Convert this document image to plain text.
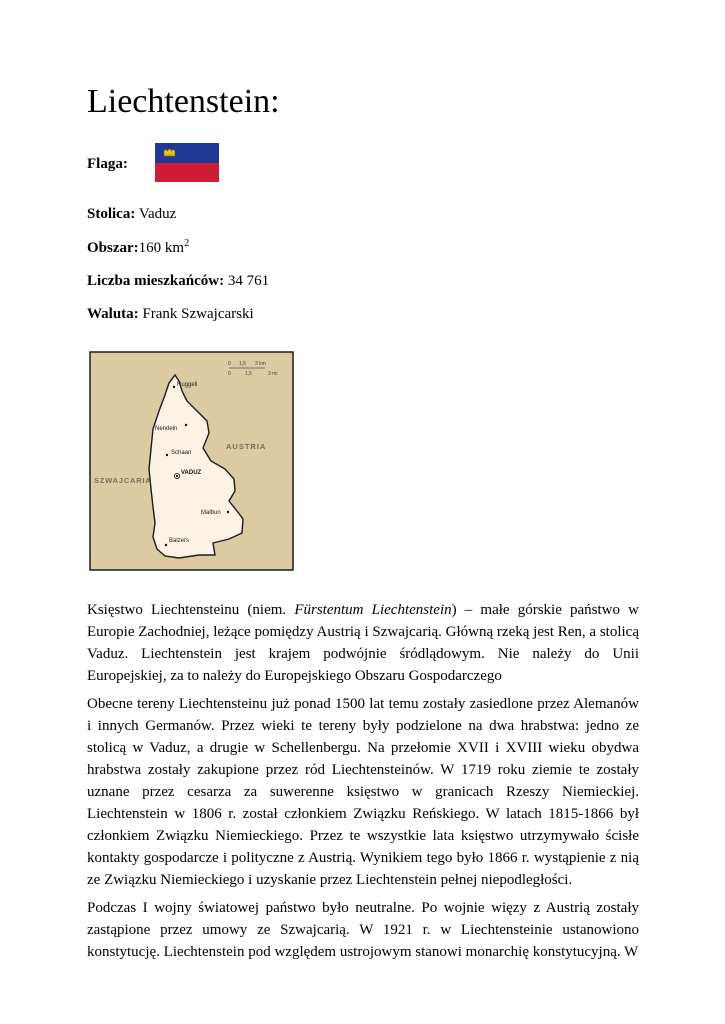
Liechtenstein:
Flaga:
Stolica: Vaduz
Obszar:160 $km^2$
Liczba mieszkańców: 34 761
Waluta: Frank Szwajcarski
0 1,5 3 km
0	1,5	3 mi
Ruggell
Nendeln
Schaan
VADUZ
Malbun
Balzers
AUSTRIA
SZWAJCARIA

Księstwo Liechtensteinu (niem. Fürstentum Liechtenstein) – małe górskie państwo w Europie Zachodniej, leżące pomiędzy Austrią i Szwajcarią. Główną rzeką jest Ren, a stolicą Vaduz. Liechtenstein jest krajem podwójnie śródlądowym. Nie należy do Unii Europejskiej, za to należy do Europejskiego Obszaru Gospodarczego

Obecne tereny Liechtensteinu już ponad 1500 lat temu zostały zasiedlone przez Alemanów i innych Germanów. Przez wieki te tereny były podzielone na dwa hrabstwa: jedno ze stolicą w Vaduz, a drugie w Schellenbergu. Na przełomie XVII i XVIII wieku obydwa hrabstwa zostały zakupione przez ród Liechtensteinów. W 1719 roku ziemie te zostały uznane przez cesarza za suwerenne księstwo w granicach Rzeszy Niemieckiej. Liechtenstein w 1806 r. został członkiem Związku Reńskiego. W latach 1815-1866 był członkiem Związku Niemieckiego. Przez te wszystkie lata księstwo utrzymywało ścisłe kontakty gospodarcze i polityczne z Austrią. Wynikiem tego było 1866 r. wystąpienie z nią ze Związku Niemieckiego i uzyskanie przez Liechtenstein pełnej niepodległości.

Podczas I wojny światowej państwo było neutralne. Po wojnie więzy z Austrią zostały zastąpione przez umowy ze Szwajcarią. W 1921 r. w Liechtensteinie ustanowiono konstytucję. Liechtenstein pod względem ustrojowym stanowi monarchię konstytucyjną. W
